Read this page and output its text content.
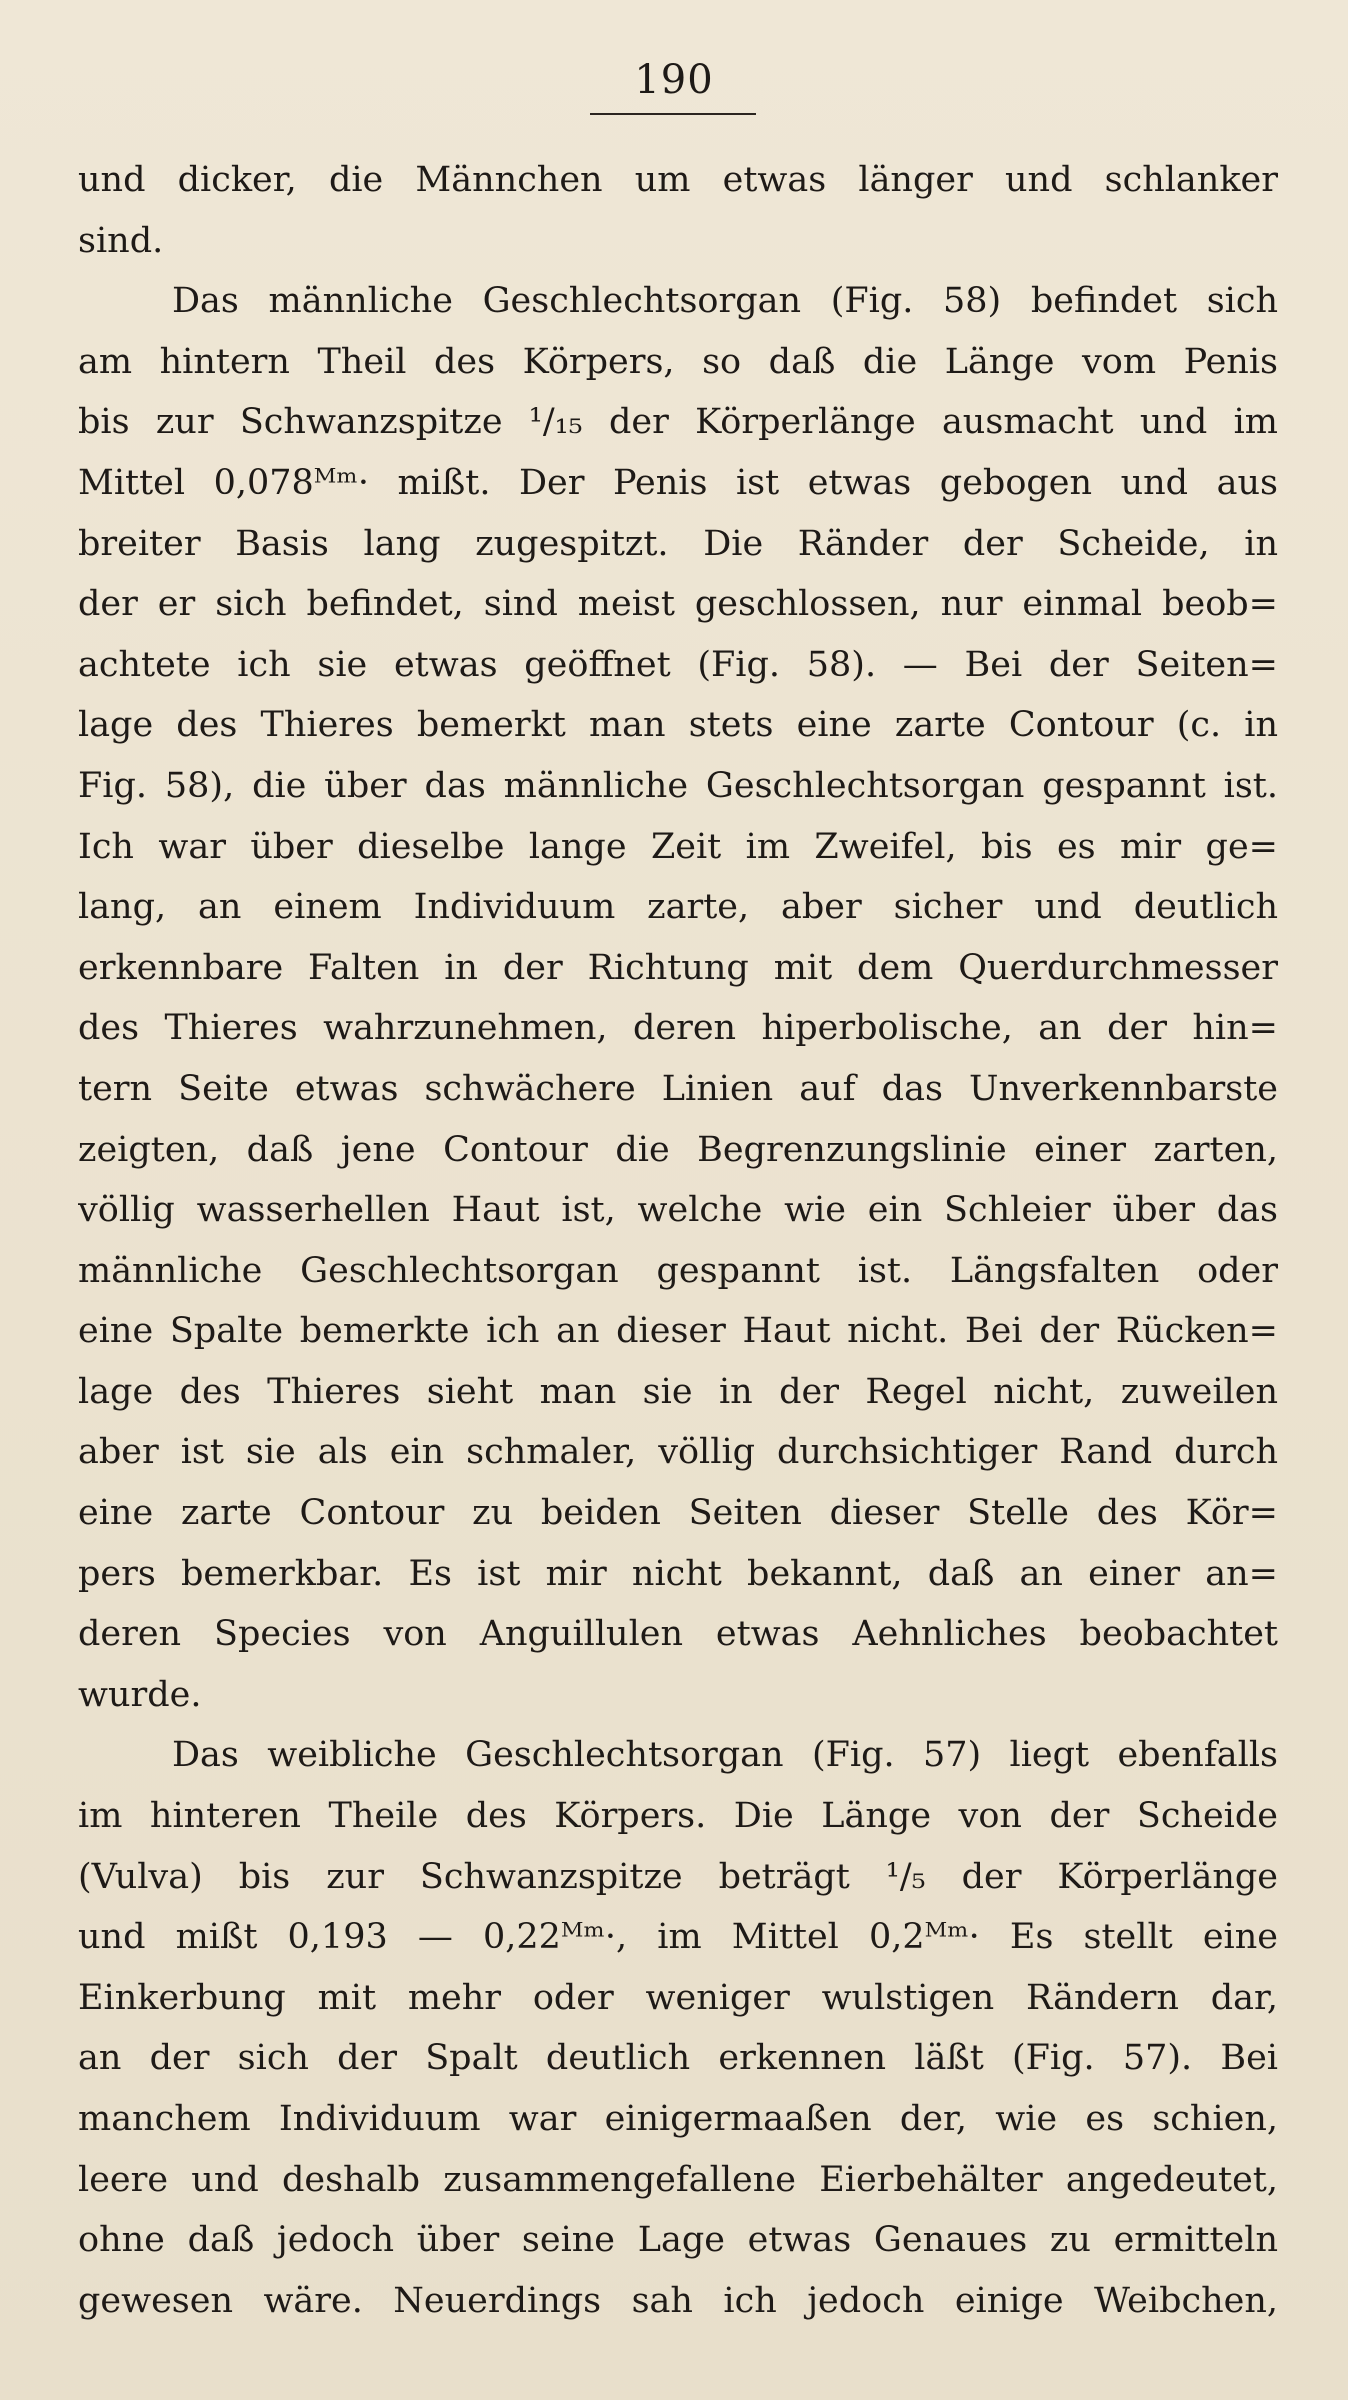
190
und dicker, die Männchen um etwas länger und schlanker
sind.
Das männliche Geschlechtsorgan (Fig. 58) befindet sich
am hintern Theil des Körpers, so daß die Länge vom Penis
bis zur Schwanzspitze ¹/₁₅ der Körperlänge ausmacht und im
Mittel 0,078ᴹᵐ· mißt. Der Penis ist etwas gebogen und aus
breiter Basis lang zugespitzt. Die Ränder der Scheide, in
der er sich befindet, sind meist geschlossen, nur einmal beob=
achtete ich sie etwas geöffnet (Fig. 58). — Bei der Seiten=
lage des Thieres bemerkt man stets eine zarte Contour (c. in
Fig. 58), die über das männliche Geschlechtsorgan gespannt ist.
Ich war über dieselbe lange Zeit im Zweifel, bis es mir ge=
lang, an einem Individuum zarte, aber sicher und deutlich
erkennbare Falten in der Richtung mit dem Querdurchmesser
des Thieres wahrzunehmen, deren hiperbolische, an der hin=
tern Seite etwas schwächere Linien auf das Unverkennbarste
zeigten, daß jene Contour die Begrenzungslinie einer zarten,
völlig wasserhellen Haut ist, welche wie ein Schleier über das
männliche Geschlechtsorgan gespannt ist. Längsfalten oder
eine Spalte bemerkte ich an dieser Haut nicht. Bei der Rücken=
lage des Thieres sieht man sie in der Regel nicht, zuweilen
aber ist sie als ein schmaler, völlig durchsichtiger Rand durch
eine zarte Contour zu beiden Seiten dieser Stelle des Kör=
pers bemerkbar. Es ist mir nicht bekannt, daß an einer an=
deren Species von Anguillulen etwas Aehnliches beobachtet
wurde.
Das weibliche Geschlechtsorgan (Fig. 57) liegt ebenfalls
im hinteren Theile des Körpers. Die Länge von der Scheide
(Vulva) bis zur Schwanzspitze beträgt ¹/₅ der Körperlänge
und mißt 0,193 — 0,22ᴹᵐ·, im Mittel 0,2ᴹᵐ· Es stellt eine
Einkerbung mit mehr oder weniger wulstigen Rändern dar,
an der sich der Spalt deutlich erkennen läßt (Fig. 57). Bei
manchem Individuum war einigermaaßen der, wie es schien,
leere und deshalb zusammengefallene Eierbehälter angedeutet,
ohne daß jedoch über seine Lage etwas Genaues zu ermitteln
gewesen wäre. Neuerdings sah ich jedoch einige Weibchen,
